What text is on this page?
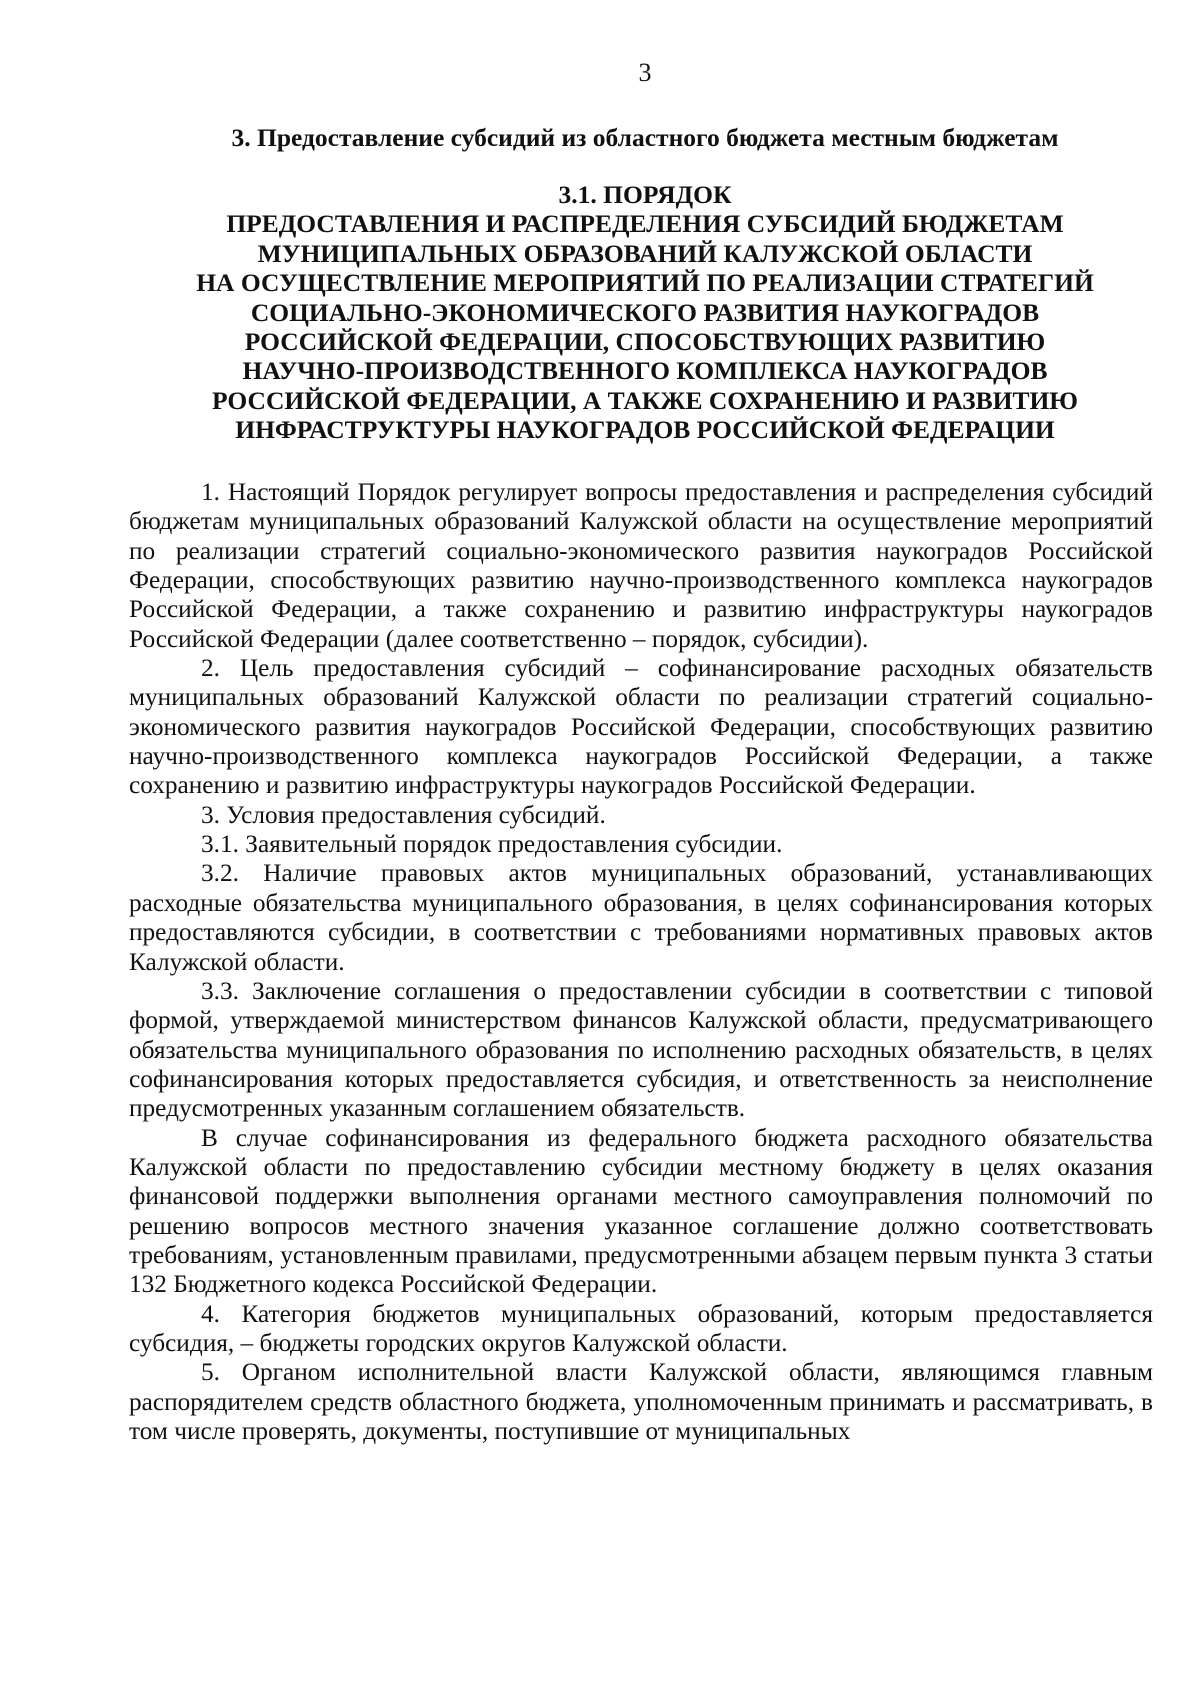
3
3. Предоставление субсидий из областного бюджета местным бюджетам
3.1. ПОРЯДОК
ПРЕДОСТАВЛЕНИЯ И РАСПРЕДЕЛЕНИЯ СУБСИДИЙ БЮДЖЕТАМ
МУНИЦИПАЛЬНЫХ ОБРАЗОВАНИЙ КАЛУЖСКОЙ ОБЛАСТИ
НА ОСУЩЕСТВЛЕНИЕ МЕРОПРИЯТИЙ ПО РЕАЛИЗАЦИИ СТРАТЕГИЙ
СОЦИАЛЬНО-ЭКОНОМИЧЕСКОГО РАЗВИТИЯ НАУКОГРАДОВ
РОССИЙСКОЙ ФЕДЕРАЦИИ, СПОСОБСТВУЮЩИХ РАЗВИТИЮ
НАУЧНО-ПРОИЗВОДСТВЕННОГО КОМПЛЕКСА НАУКОГРАДОВ
РОССИЙСКОЙ ФЕДЕРАЦИИ, А ТАКЖЕ СОХРАНЕНИЮ И РАЗВИТИЮ
ИНФРАСТРУКТУРЫ НАУКОГРАДОВ РОССИЙСКОЙ ФЕДЕРАЦИИ

1. Настоящий Порядок регулирует вопросы предоставления и распределения субсидий бюджетам муниципальных образований Калужской области на осуществление мероприятий по реализации стратегий социально-экономического развития наукоградов Российской Федерации, способствующих развитию научно-производственного комплекса наукоградов Российской Федерации, а также сохранению и развитию инфраструктуры наукоградов Российской Федерации (далее соответственно – порядок, субсидии).

2. Цель предоставления субсидий – софинансирование расходных обязательств муниципальных образований Калужской области по реализации стратегий социально-экономического развития наукоградов Российской Федерации, способствующих развитию научно-производственного комплекса наукоградов Российской Федерации, а также сохранению и развитию инфраструктуры наукоградов Российской Федерации.

3. Условия предоставления субсидий.

3.1. Заявительный порядок предоставления субсидии.

3.2. Наличие правовых актов муниципальных образований, устанавливающих расходные обязательства муниципального образования, в целях софинансирования которых предоставляются субсидии, в соответствии с требованиями нормативных правовых актов Калужской области.

3.3. Заключение соглашения о предоставлении субсидии в соответствии с типовой формой, утверждаемой министерством финансов Калужской области, предусматривающего обязательства муниципального образования по исполнению расходных обязательств, в целях софинансирования которых предоставляется субсидия, и ответственность за неисполнение предусмотренных указанным соглашением обязательств.

В случае софинансирования из федерального бюджета расходного обязательства Калужской области по предоставлению субсидии местному бюджету в целях оказания финансовой поддержки выполнения органами местного самоуправления полномочий по решению вопросов местного значения указанное соглашение должно соответствовать требованиям, установленным правилами, предусмотренными абзацем первым пункта 3 статьи 132 Бюджетного кодекса Российской Федерации.

4. Категория бюджетов муниципальных образований, которым предоставляется субсидия, – бюджеты городских округов Калужской области.

5. Органом исполнительной власти Калужской области, являющимся главным распорядителем средств областного бюджета, уполномоченным принимать и рассматривать, в том числе проверять, документы, поступившие от муниципальных
